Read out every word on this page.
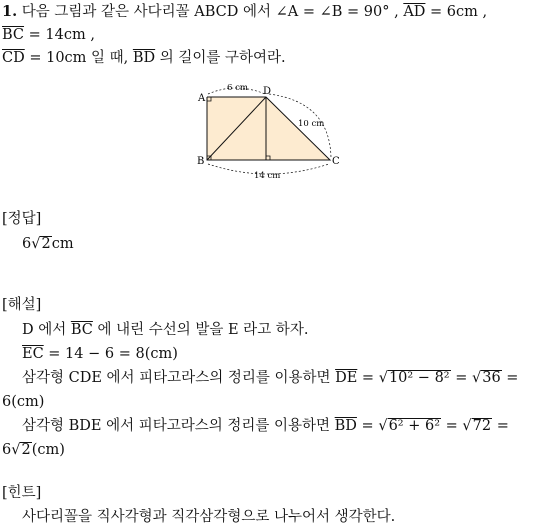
1. 다음 그림과 같은 사다리꼴 ABCD 에서 ∠A = ∠B = 90° , $\overline{AD} = 6cm$ ,
$\overline{BC} = 14cm$ ,
$\overline{CD} = 10cm$ 일 때, $\overline{BD}$ 의 길이를 구하여라.
A
B	C
D
6 cm
10 cm
14 cm
[정답]
6√2cm
[해설]
D 에서 $\overline{BC}$ 에 내린 수선의 발을 E 라고 하자.
$\overline{EC} = 14 - 6 = 8(cm)$
삼각형 CDE 에서 피타고라스의 정리를 이용하면 $\overline{DE} = √10^2 - 8^2 = √36$ =
6(cm)
삼각형 BDE 에서 피타고라스의 정리를 이용하면 $\overline{BD} = √6^2 + 6^2 = √72$ =
6√2(cm)
[힌트]
사다리꼴을 직사각형과 직각삼각형으로 나누어서 생각한다.
